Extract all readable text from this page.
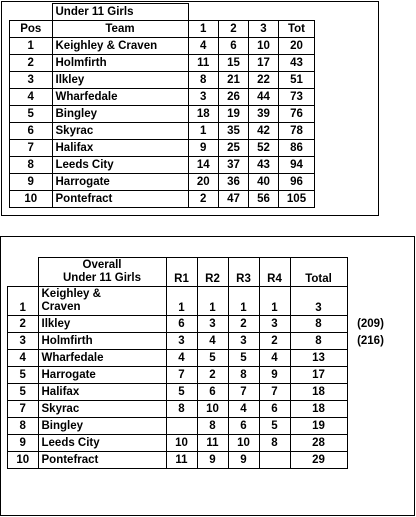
	Under 11 Girls				
Pos	Team	1	2	3	Tot
1	Keighley & Craven	4	6	10	20
2	Holmfirth	11	15	17	43
3	Ilkley	8	21	22	51
4	Wharfedale	3	26	44	73
5	Bingley	18	19	39	76
6	Skyrac	1	35	42	78
7	Halifax	9	25	52	86
8	Leeds City	14	37	43	94
9	Harrogate	20	36	40	96
10	Pontefract	2	47	56	105

	Overall
Under 11 Girls	R1	R2	R3	R4	Total	
1	Keighley &
Craven	1	1	1	1	3	
2	Ilkley	6	3	2	3	8	(209)
3	Holmfirth	3	4	3	2	8	(216)
4	Wharfedale	4	5	5	4	13	
5	Harrogate	7	2	8	9	17	
5	Halifax	5	6	7	7	18	
7	Skyrac	8	10	4	6	18	
8	Bingley		8	6	5	19	
9	Leeds City	10	11	10	8	28	
10	Pontefract	11	9	9		29	
